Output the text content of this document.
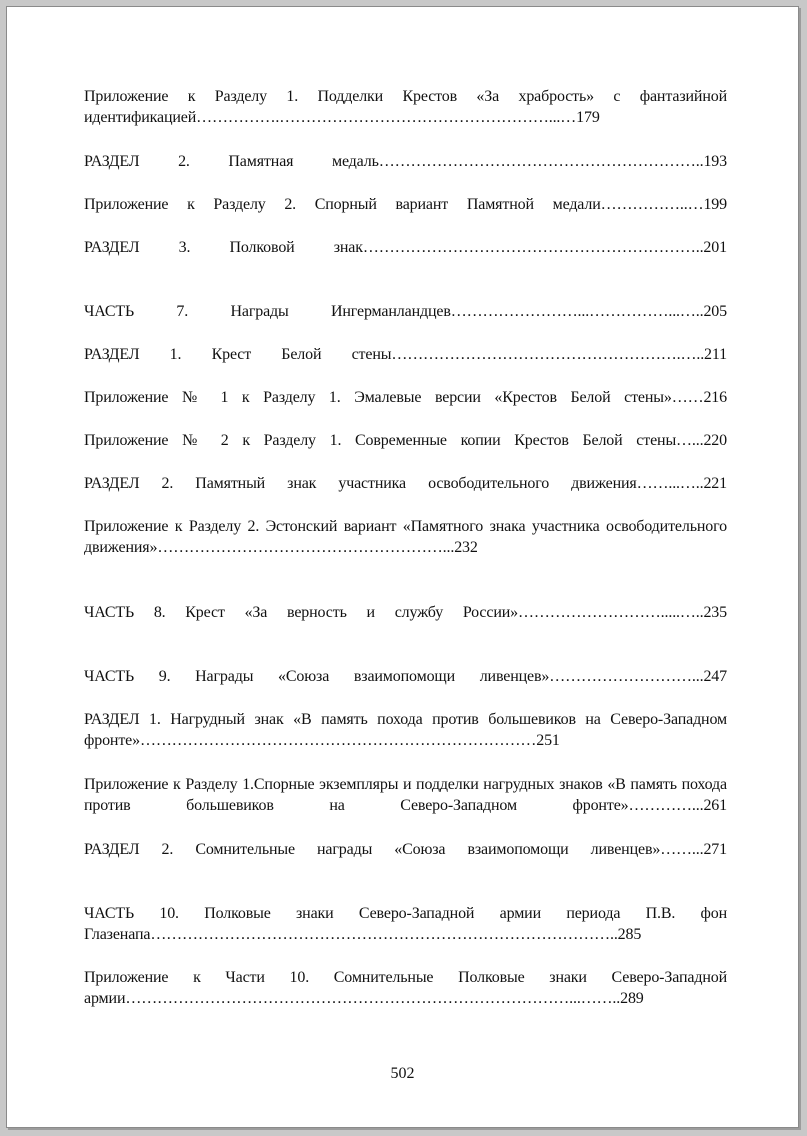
Приложение к Разделу 1. Подделки Крестов «За храбрость» с фантазийной идентификацией…………….……………………………………………...…179
РАЗДЕЛ 2. Памятная медаль……………………………………………………..193
Приложение к Разделу 2. Спорный вариант Памятной медали……………..…199
РАЗДЕЛ 3. Полковой знак………………………………………………………..201
ЧАСТЬ 7. Награды Ингерманландцев……………………...……………...…..205
РАЗДЕЛ 1. Крест Белой стены……………………………………………….…..211
Приложение № 1 к Разделу 1. Эмалевые версии «Крестов Белой стены»……216
Приложение № 2 к Разделу 1. Современные копии Крестов Белой стены…...220
РАЗДЕЛ 2. Памятный знак участника освободительного движения……...…..221
Приложение к Разделу 2. Эстонский вариант «Памятного знака участника освободительного движения»………………………………………………...232
ЧАСТЬ 8. Крест «За верность и службу России»……………………….....…..235
ЧАСТЬ 9. Награды «Союза взаимопомощи ливенцев»………………………...247
РАЗДЕЛ 1. Нагрудный знак «В память похода против большевиков на Северо-Западном фронте»…………………………………………………………………251
Приложение к Разделу 1.Спорные экземпляры и подделки нагрудных знаков «В память похода против большевиков на Северо-Западном фронте»…………...261
РАЗДЕЛ 2. Сомнительные награды «Союза взаимопомощи ливенцев»……...271
ЧАСТЬ 10. Полковые знаки Северо-Западной армии периода П.В. фон Глазенапа……………………………………………………………………………..285
Приложение к Части 10. Сомнительные Полковые знаки Северо-Западной армии…………………………………………………………………………...……..289
502
